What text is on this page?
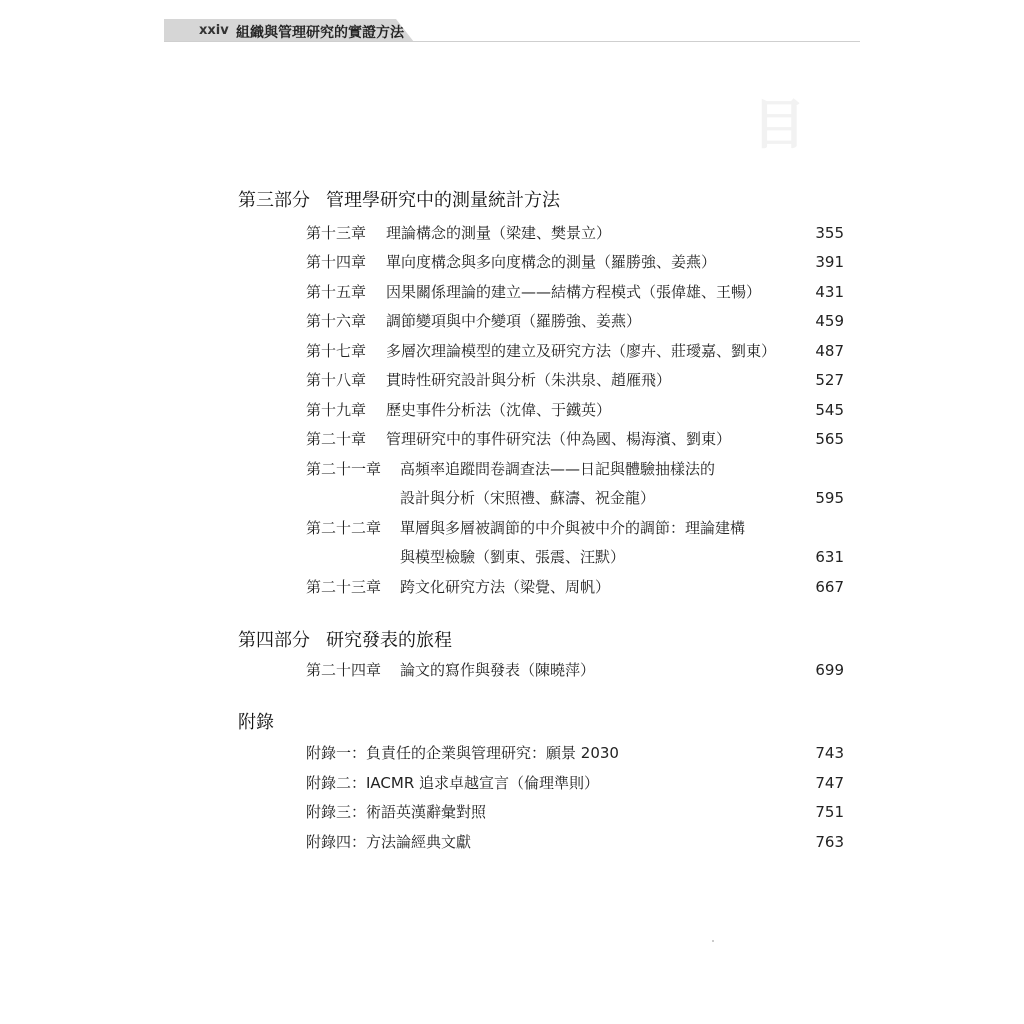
xxiv 組織與管理研究的實證方法
目
第三部分 管理學研究中的測量統計方法
第十三章 理論構念的測量（梁建、樊景立）	355
第十四章 單向度構念與多向度構念的測量（羅勝強、姜燕）	391
第十五章 因果關係理論的建立——結構方程模式（張偉雄、王暢）	431
第十六章 調節變項與中介變項（羅勝強、姜燕）	459
第十七章 多層次理論模型的建立及研究方法（廖卉、莊璦嘉、劉東）	487
第十八章 貫時性研究設計與分析（朱洪泉、趙雁飛）	527
第十九章 歷史事件分析法（沈偉、于鐵英）	545
第二十章 管理研究中的事件研究法（仲為國、楊海濱、劉東）	565
第二十一章 高頻率追蹤問卷調查法——日記與體驗抽樣法的
設計與分析（宋照禮、蘇濤、祝金龍）	595
第二十二章 單層與多層被調節的中介與被中介的調節：理論建構
與模型檢驗（劉東、張震、汪默）	631
第二十三章 跨文化研究方法（梁覺、周帆）	667
第四部分 研究發表的旅程
第二十四章 論文的寫作與發表（陳曉萍）	699
附錄
附錄一：負責任的企業與管理研究：願景 2030	743
附錄二：IACMR 追求卓越宣言（倫理準則）	747
附錄三：術語英漢辭彙對照	751
附錄四：方法論經典文獻	763
